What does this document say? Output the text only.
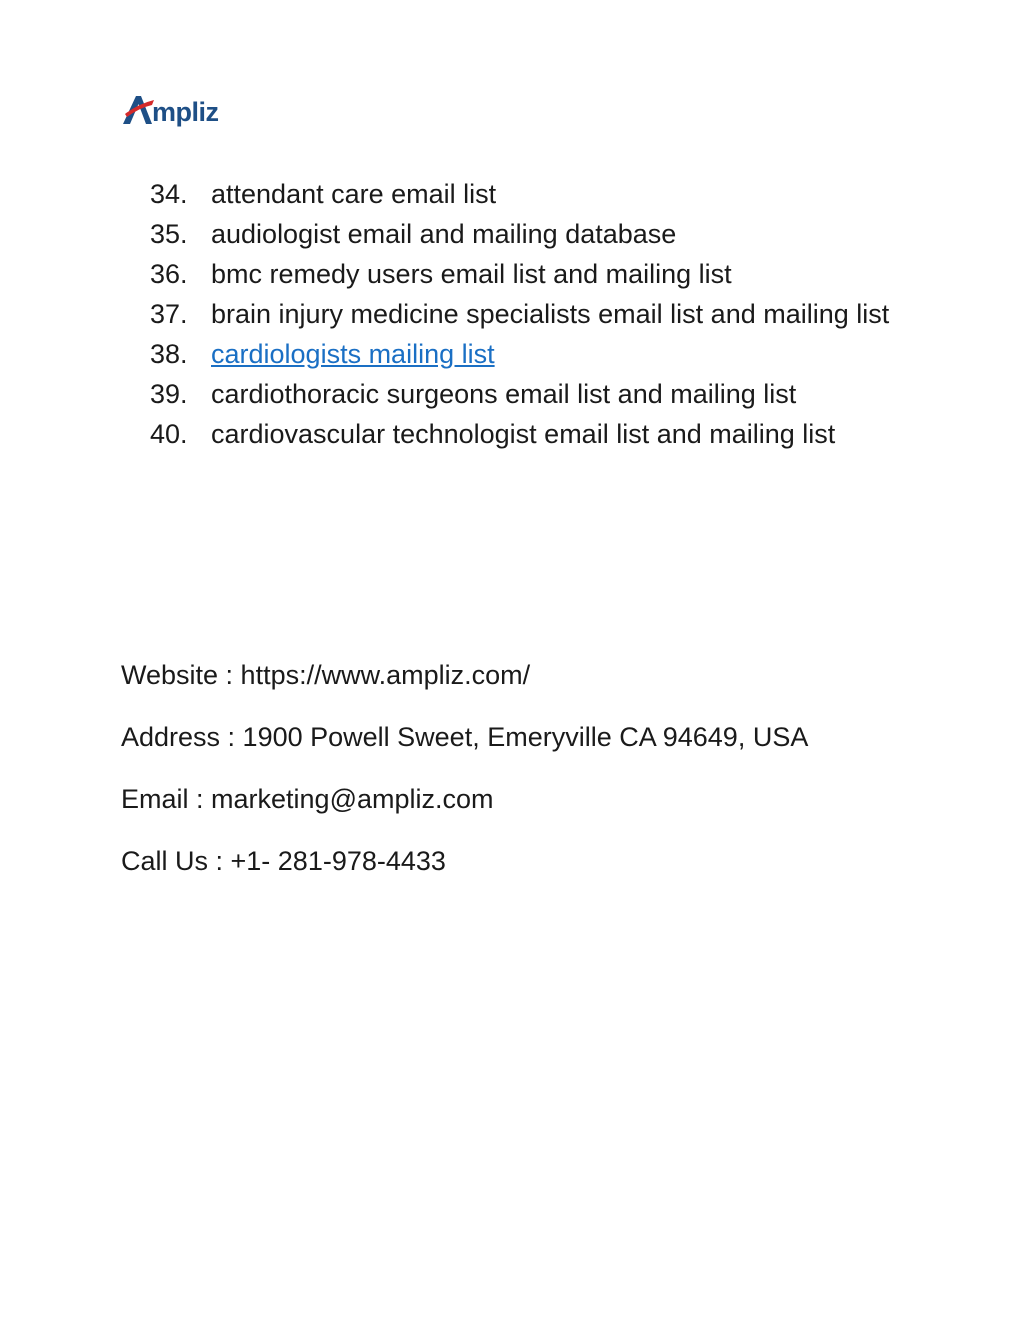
mpliz
34. attendant care email list
35. audiologist email and mailing database
36. bmc remedy users email list and mailing list
37. brain injury medicine specialists email list and mailing list
38. cardiologists mailing list
39. cardiothoracic surgeons email list and mailing list
40. cardiovascular technologist email list and mailing list

Website : https://www.ampliz.com/

Address : 1900 Powell Sweet, Emeryville CA 94649, USA

Email : marketing@ampliz.com

Call Us : +1- 281-978-4433
